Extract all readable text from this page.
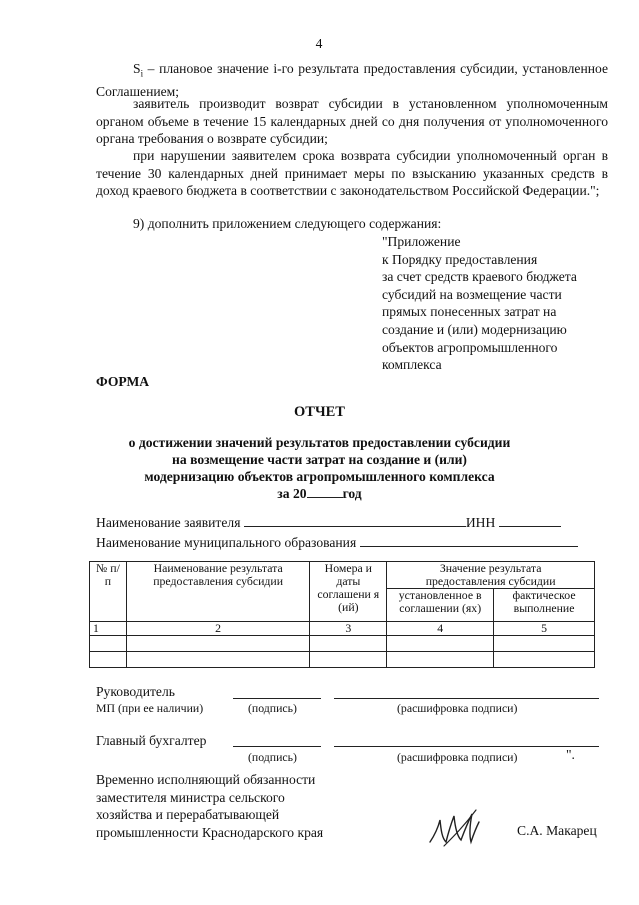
4
$S_i$ – плановое значение i-го результата предоставления субсидии, установленное Соглашением;
заявитель производит возврат субсидии в установленном уполномоченным органом объеме в течение 15 календарных дней со дня получения от уполномоченного органа требования о возврате субсидии;
при нарушении заявителем срока возврата субсидии уполномоченный орган в течение 30 календарных дней принимает меры по взысканию указанных средств в доход краевого бюджета в соответствии с законодательством Российской Федерации.";
9) дополнить приложением следующего содержания:
"Приложение
к Порядку предоставления
за счет средств краевого бюджета
субсидий на возмещение части
прямых понесенных затрат на
создание и (или) модернизацию
объектов агропромышленного
комплекса
ФОРМА
ОТЧЕТ
о достижении значений результатов предоставлении субсидии
на возмещение части затрат на создание и (или)
модернизацию объектов агропромышленного комплекса
за 20	год
Наименование заявителя	ИНН
Наименование муниципального образования
№ п/п	Наименование результата предоставления субсидии	Номера и даты соглашени я (ий)	Значение результата предоставления субсидии	
			установленное в соглашении (ях)	фактическое выполнение
1	2	3	4	5

Руководитель
МП (при ее наличии)	(подпись)	(расшифровка подписи)
Главный бухгалтер
(подпись)	(расшифровка подписи)	".
Временно исполняющий обязанности
заместителя министра сельского
хозяйства и перерабатывающей
промышленности Краснодарского края	С.А. Макарец
